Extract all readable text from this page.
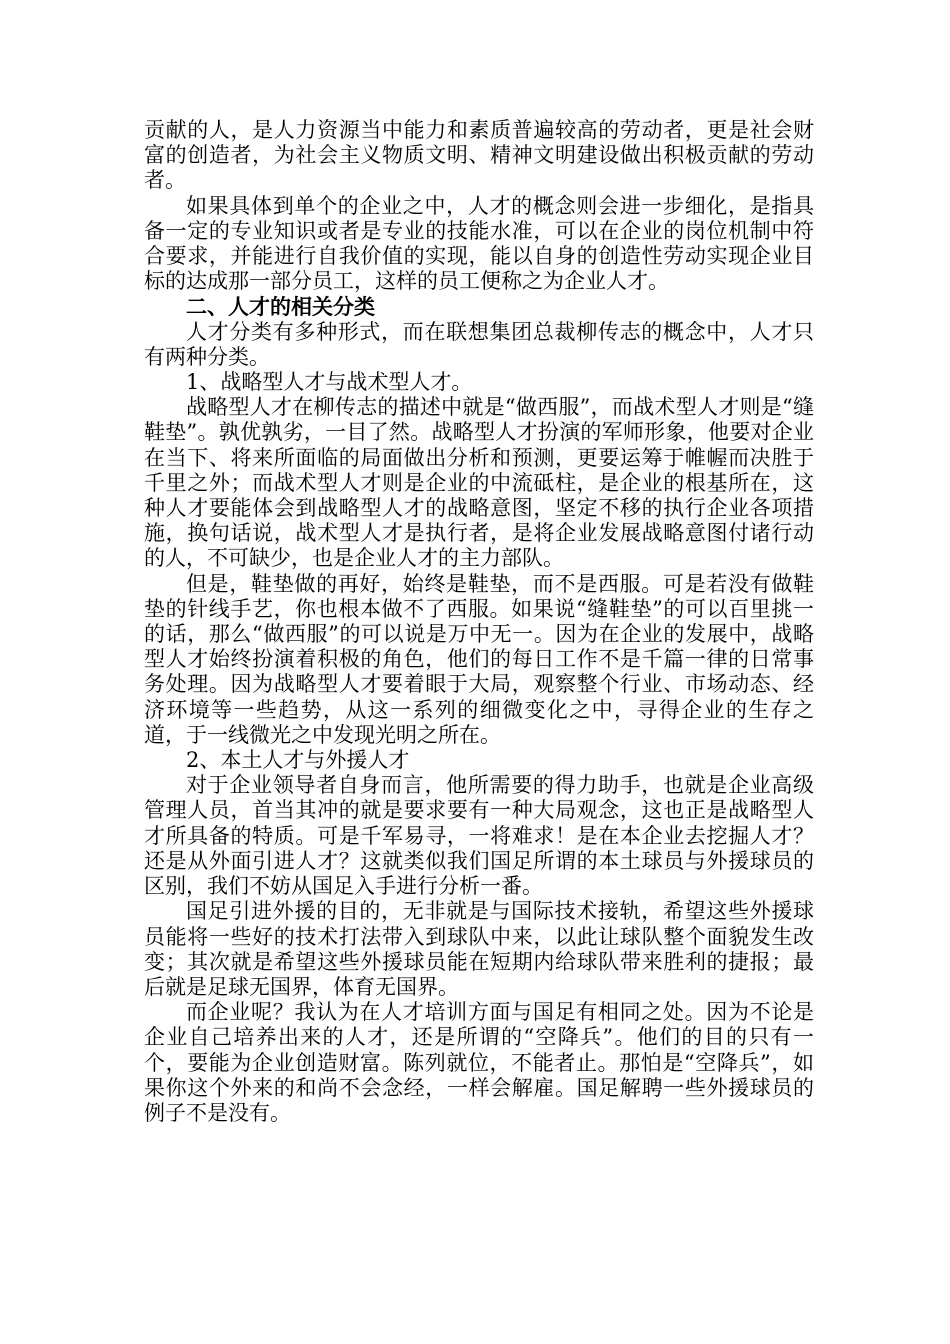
贡献的人，是人力资源当中能力和素质普遍较高的劳动者，更是社会财富的创造者，为社会主义物质文明、精神文明建设做出积极贡献的劳动者。

如果具体到单个的企业之中，人才的概念则会进一步细化，是指具备一定的专业知识或者是专业的技能水准，可以在企业的岗位机制中符合要求，并能进行自我价值的实现，能以自身的创造性劳动实现企业目标的达成那一部分员工，这样的员工便称之为企业人才。

二、人才的相关分类

人才分类有多种形式，而在联想集团总裁柳传志的概念中，人才只有两种分类。

1、战略型人才与战术型人才。

战略型人才在柳传志的描述中就是“做西服”，而战术型人才则是“缝鞋垫”。孰优孰劣，一目了然。战略型人才扮演的军师形象，他要对企业在当下、将来所面临的局面做出分析和预测，更要运筹于帷幄而决胜于千里之外；而战术型人才则是企业的中流砥柱，是企业的根基所在，这种人才要能体会到战略型人才的战略意图，坚定不移的执行企业各项措施，换句话说，战术型人才是执行者，是将企业发展战略意图付诸行动的人，不可缺少，也是企业人才的主力部队。

但是，鞋垫做的再好，始终是鞋垫，而不是西服。可是若没有做鞋垫的针线手艺，你也根本做不了西服。如果说“缝鞋垫”的可以百里挑一的话，那么“做西服”的可以说是万中无一。因为在企业的发展中，战略型人才始终扮演着积极的角色，他们的每日工作不是千篇一律的日常事务处理。因为战略型人才要着眼于大局，观察整个行业、市场动态、经济环境等一些趋势，从这一系列的细微变化之中，寻得企业的生存之道，于一线微光之中发现光明之所在。

2、本土人才与外援人才

对于企业领导者自身而言，他所需要的得力助手，也就是企业高级管理人员，首当其冲的就是要求要有一种大局观念，这也正是战略型人才所具备的特质。可是千军易寻，一将难求！是在本企业去挖掘人才？还是从外面引进人才？这就类似我们国足所谓的本土球员与外援球员的区别，我们不妨从国足入手进行分析一番。

国足引进外援的目的，无非就是与国际技术接轨，希望这些外援球员能将一些好的技术打法带入到球队中来，以此让球队整个面貌发生改变；其次就是希望这些外援球员能在短期内给球队带来胜利的捷报；最后就是足球无国界，体育无国界。

而企业呢？我认为在人才培训方面与国足有相同之处。因为不论是企业自己培养出来的人才，还是所谓的“空降兵”。他们的目的只有一个，要能为企业创造财富。陈列就位，不能者止。那怕是“空降兵”，如果你这个外来的和尚不会念经，一样会解雇。国足解聘一些外援球员的例子不是没有。
